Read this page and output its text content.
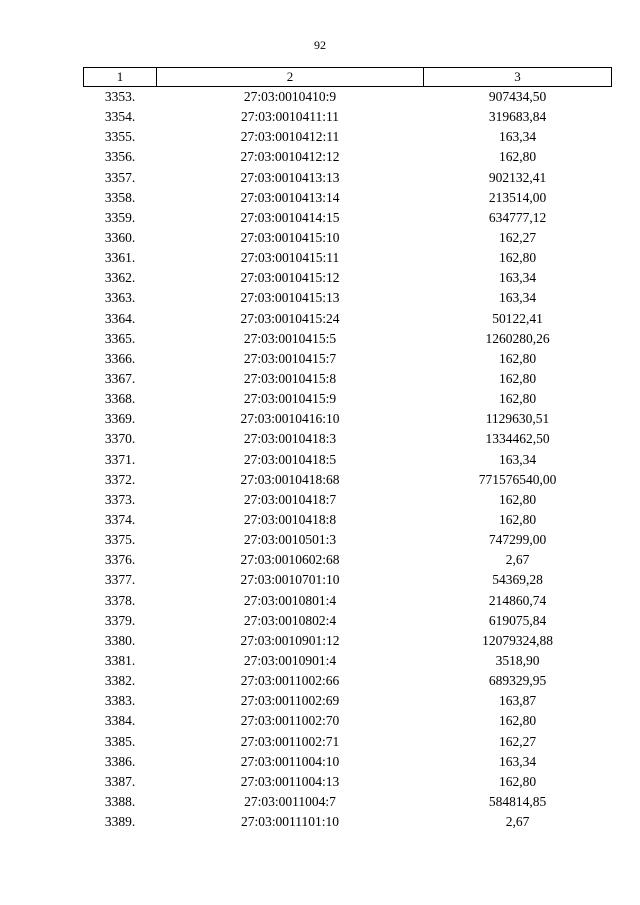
92
1	2	3
3353.	27:03:0010410:9	907434,50
3354.	27:03:0010411:11	319683,84
3355.	27:03:0010412:11	163,34
3356.	27:03:0010412:12	162,80
3357.	27:03:0010413:13	902132,41
3358.	27:03:0010413:14	213514,00
3359.	27:03:0010414:15	634777,12
3360.	27:03:0010415:10	162,27
3361.	27:03:0010415:11	162,80
3362.	27:03:0010415:12	163,34
3363.	27:03:0010415:13	163,34
3364.	27:03:0010415:24	50122,41
3365.	27:03:0010415:5	1260280,26
3366.	27:03:0010415:7	162,80
3367.	27:03:0010415:8	162,80
3368.	27:03:0010415:9	162,80
3369.	27:03:0010416:10	1129630,51
3370.	27:03:0010418:3	1334462,50
3371.	27:03:0010418:5	163,34
3372.	27:03:0010418:68	771576540,00
3373.	27:03:0010418:7	162,80
3374.	27:03:0010418:8	162,80
3375.	27:03:0010501:3	747299,00
3376.	27:03:0010602:68	2,67
3377.	27:03:0010701:10	54369,28
3378.	27:03:0010801:4	214860,74
3379.	27:03:0010802:4	619075,84
3380.	27:03:0010901:12	12079324,88
3381.	27:03:0010901:4	3518,90
3382.	27:03:0011002:66	689329,95
3383.	27:03:0011002:69	163,87
3384.	27:03:0011002:70	162,80
3385.	27:03:0011002:71	162,27
3386.	27:03:0011004:10	163,34
3387.	27:03:0011004:13	162,80
3388.	27:03:0011004:7	584814,85
3389.	27:03:0011101:10	2,67
